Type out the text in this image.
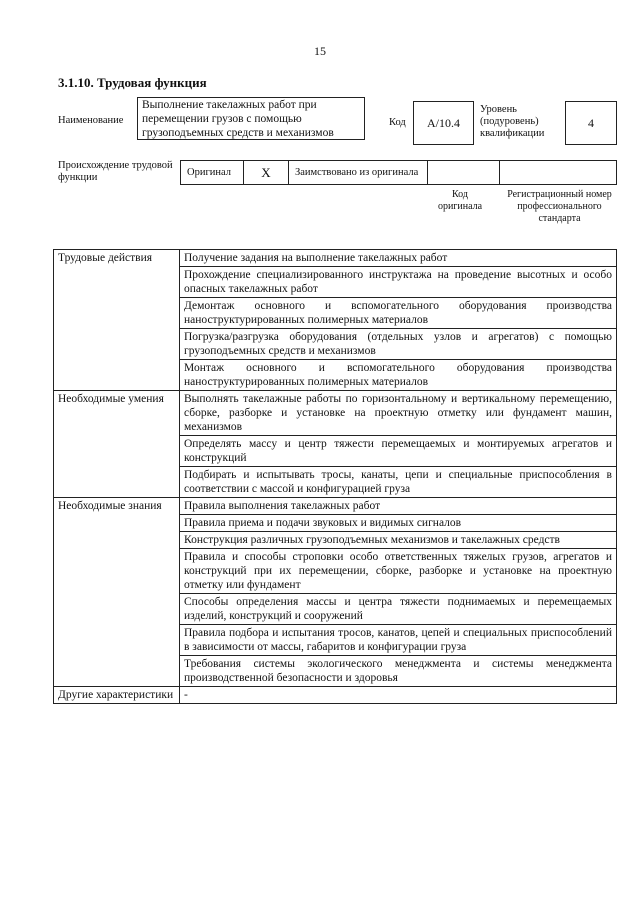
15
3.1.10. Трудовая функция
Наименование
Выполнение такелажных работ при перемещении грузов с помощью грузоподъемных средств и механизмов
Код	А/10.4
Уровень (подуровень) квалификации
4
Происхождение трудовой функции	Оригинал	X	Заимствовано из оригинала
Код оригинала
Регистрационный номер профессионального стандарта
Трудовые действия	Получение задания на выполнение такелажных работ
	Прохождение специализированного инструктажа на проведение высотных и особо опасных такелажных работ
	Демонтаж основного и вспомогательного оборудования производства наноструктурированных полимерных материалов
	Погрузка/разгрузка оборудования (отдельных узлов и агрегатов) с помощью грузоподъемных средств и механизмов
	Монтаж основного и вспомогательного оборудования производства наноструктурированных полимерных материалов
Необходимые умения	Выполнять такелажные работы по горизонтальному и вертикальному перемещению, сборке, разборке и установке на проектную отметку или фундамент машин, механизмов
	Определять массу и центр тяжести перемещаемых и монтируемых агрегатов и конструкций
	Подбирать и испытывать тросы, канаты, цепи и специальные приспособления в соответствии с массой и конфигурацией груза
Необходимые знания	Правила выполнения такелажных работ
	Правила приема и подачи звуковых и видимых сигналов
	Конструкция различных грузоподъемных механизмов и такелажных средств
	Правила и способы строповки особо ответственных тяжелых грузов, агрегатов и конструкций при их перемещении, сборке, разборке и установке на проектную отметку или фундамент
	Способы определения массы и центра тяжести поднимаемых и перемещаемых изделий, конструкций и сооружений
	Правила подбора и испытания тросов, канатов, цепей и специальных приспособлений в зависимости от массы, габаритов и конфигурации груза
	Требования системы экологического менеджмента и системы менеджмента производственной безопасности и здоровья
Другие характеристики	-
